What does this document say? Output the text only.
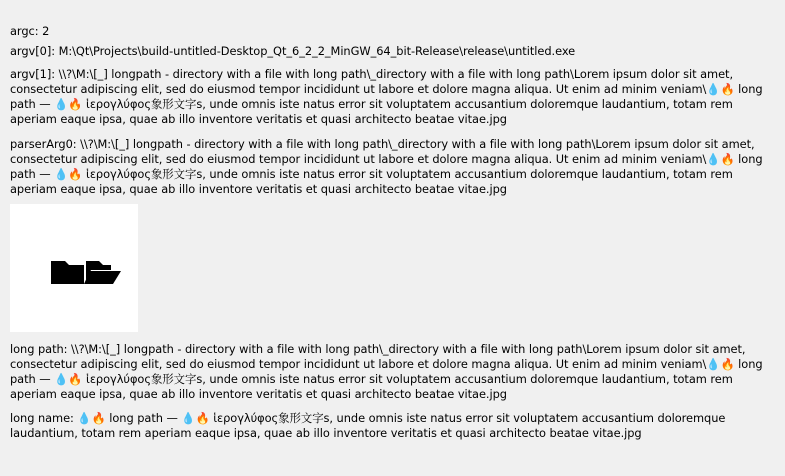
argc: 2
argv[0]: M:\Qt\Projects\build-untitled-Desktop_Qt_6_2_2_MinGW_64_bit-Release\release\untitled.exe
argv[1]: \\?\M:\[_] longpath - directory with a file with long path\_directory with a file with long path\Lorem ipsum dolor sit amet, consectetur adipiscing elit, sed do eiusmod tempor incididunt ut labore et dolore magna aliqua. Ut enim ad minim veniam\💧🔥 long path — 💧🔥 ἱερογλύφος象形文字s, unde omnis iste natus error sit voluptatem accusantium doloremque laudantium, totam rem aperiam eaque ipsa, quae ab illo inventore veritatis et quasi architecto beatae vitae.jpg
parserArg0: \\?\M:\[_] longpath - directory with a file with long path\_directory with a file with long path\Lorem ipsum dolor sit amet, consectetur adipiscing elit, sed do eiusmod tempor incididunt ut labore et dolore magna aliqua. Ut enim ad minim veniam\💧🔥 long path — 💧🔥 ἱερογλύφος象形文字s, unde omnis iste natus error sit voluptatem accusantium doloremque laudantium, totam rem aperiam eaque ipsa, quae ab illo inventore veritatis et quasi architecto beatae vitae.jpg
long path: \\?\M:\[_] longpath - directory with a file with long path\_directory with a file with long path\Lorem ipsum dolor sit amet, consectetur adipiscing elit, sed do eiusmod tempor incididunt ut labore et dolore magna aliqua. Ut enim ad minim veniam\💧🔥 long path — 💧🔥 ἱερογλύφος象形文字s, unde omnis iste natus error sit voluptatem accusantium doloremque laudantium, totam rem aperiam eaque ipsa, quae ab illo inventore veritatis et quasi architecto beatae vitae.jpg
long name: 💧🔥 long path — 💧🔥 ἱερογλύφος象形文字s, unde omnis iste natus error sit voluptatem accusantium doloremque laudantium, totam rem aperiam eaque ipsa, quae ab illo inventore veritatis et quasi architecto beatae vitae.jpg
